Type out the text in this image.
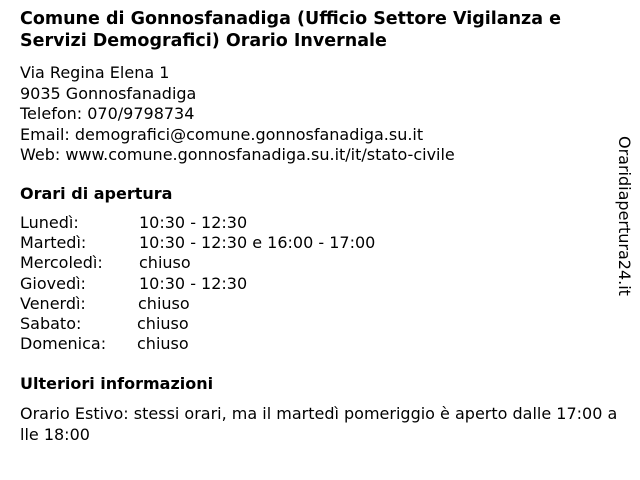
Comune di Gonnosfanadiga (Ufficio Settore Vigilanza e Servizi Demografici) Orario Invernale
Via Regina Elena 1
9035 Gonnosfanadiga
Telefon: 070/9798734
Email: demografici@comune.gonnosfanadiga.su.it
Web: www.comune.gonnosfanadiga.su.it/it/stato-civile
Orari di apertura
Lunedì:	10:30 - 12:30
Martedì:	10:30 - 12:30 e 16:00 - 17:00
Mercoledì: chiuso
Giovedì:	10:30 - 12:30
Venerdì:	chiuso
Sabato:	chiuso
Domenica: chiuso
Ulteriori informazioni
Orario Estivo: stessi orari, ma il martedì pomeriggio è aperto dalle 17:00 alle 18:00
Oraridiapertura24.it
